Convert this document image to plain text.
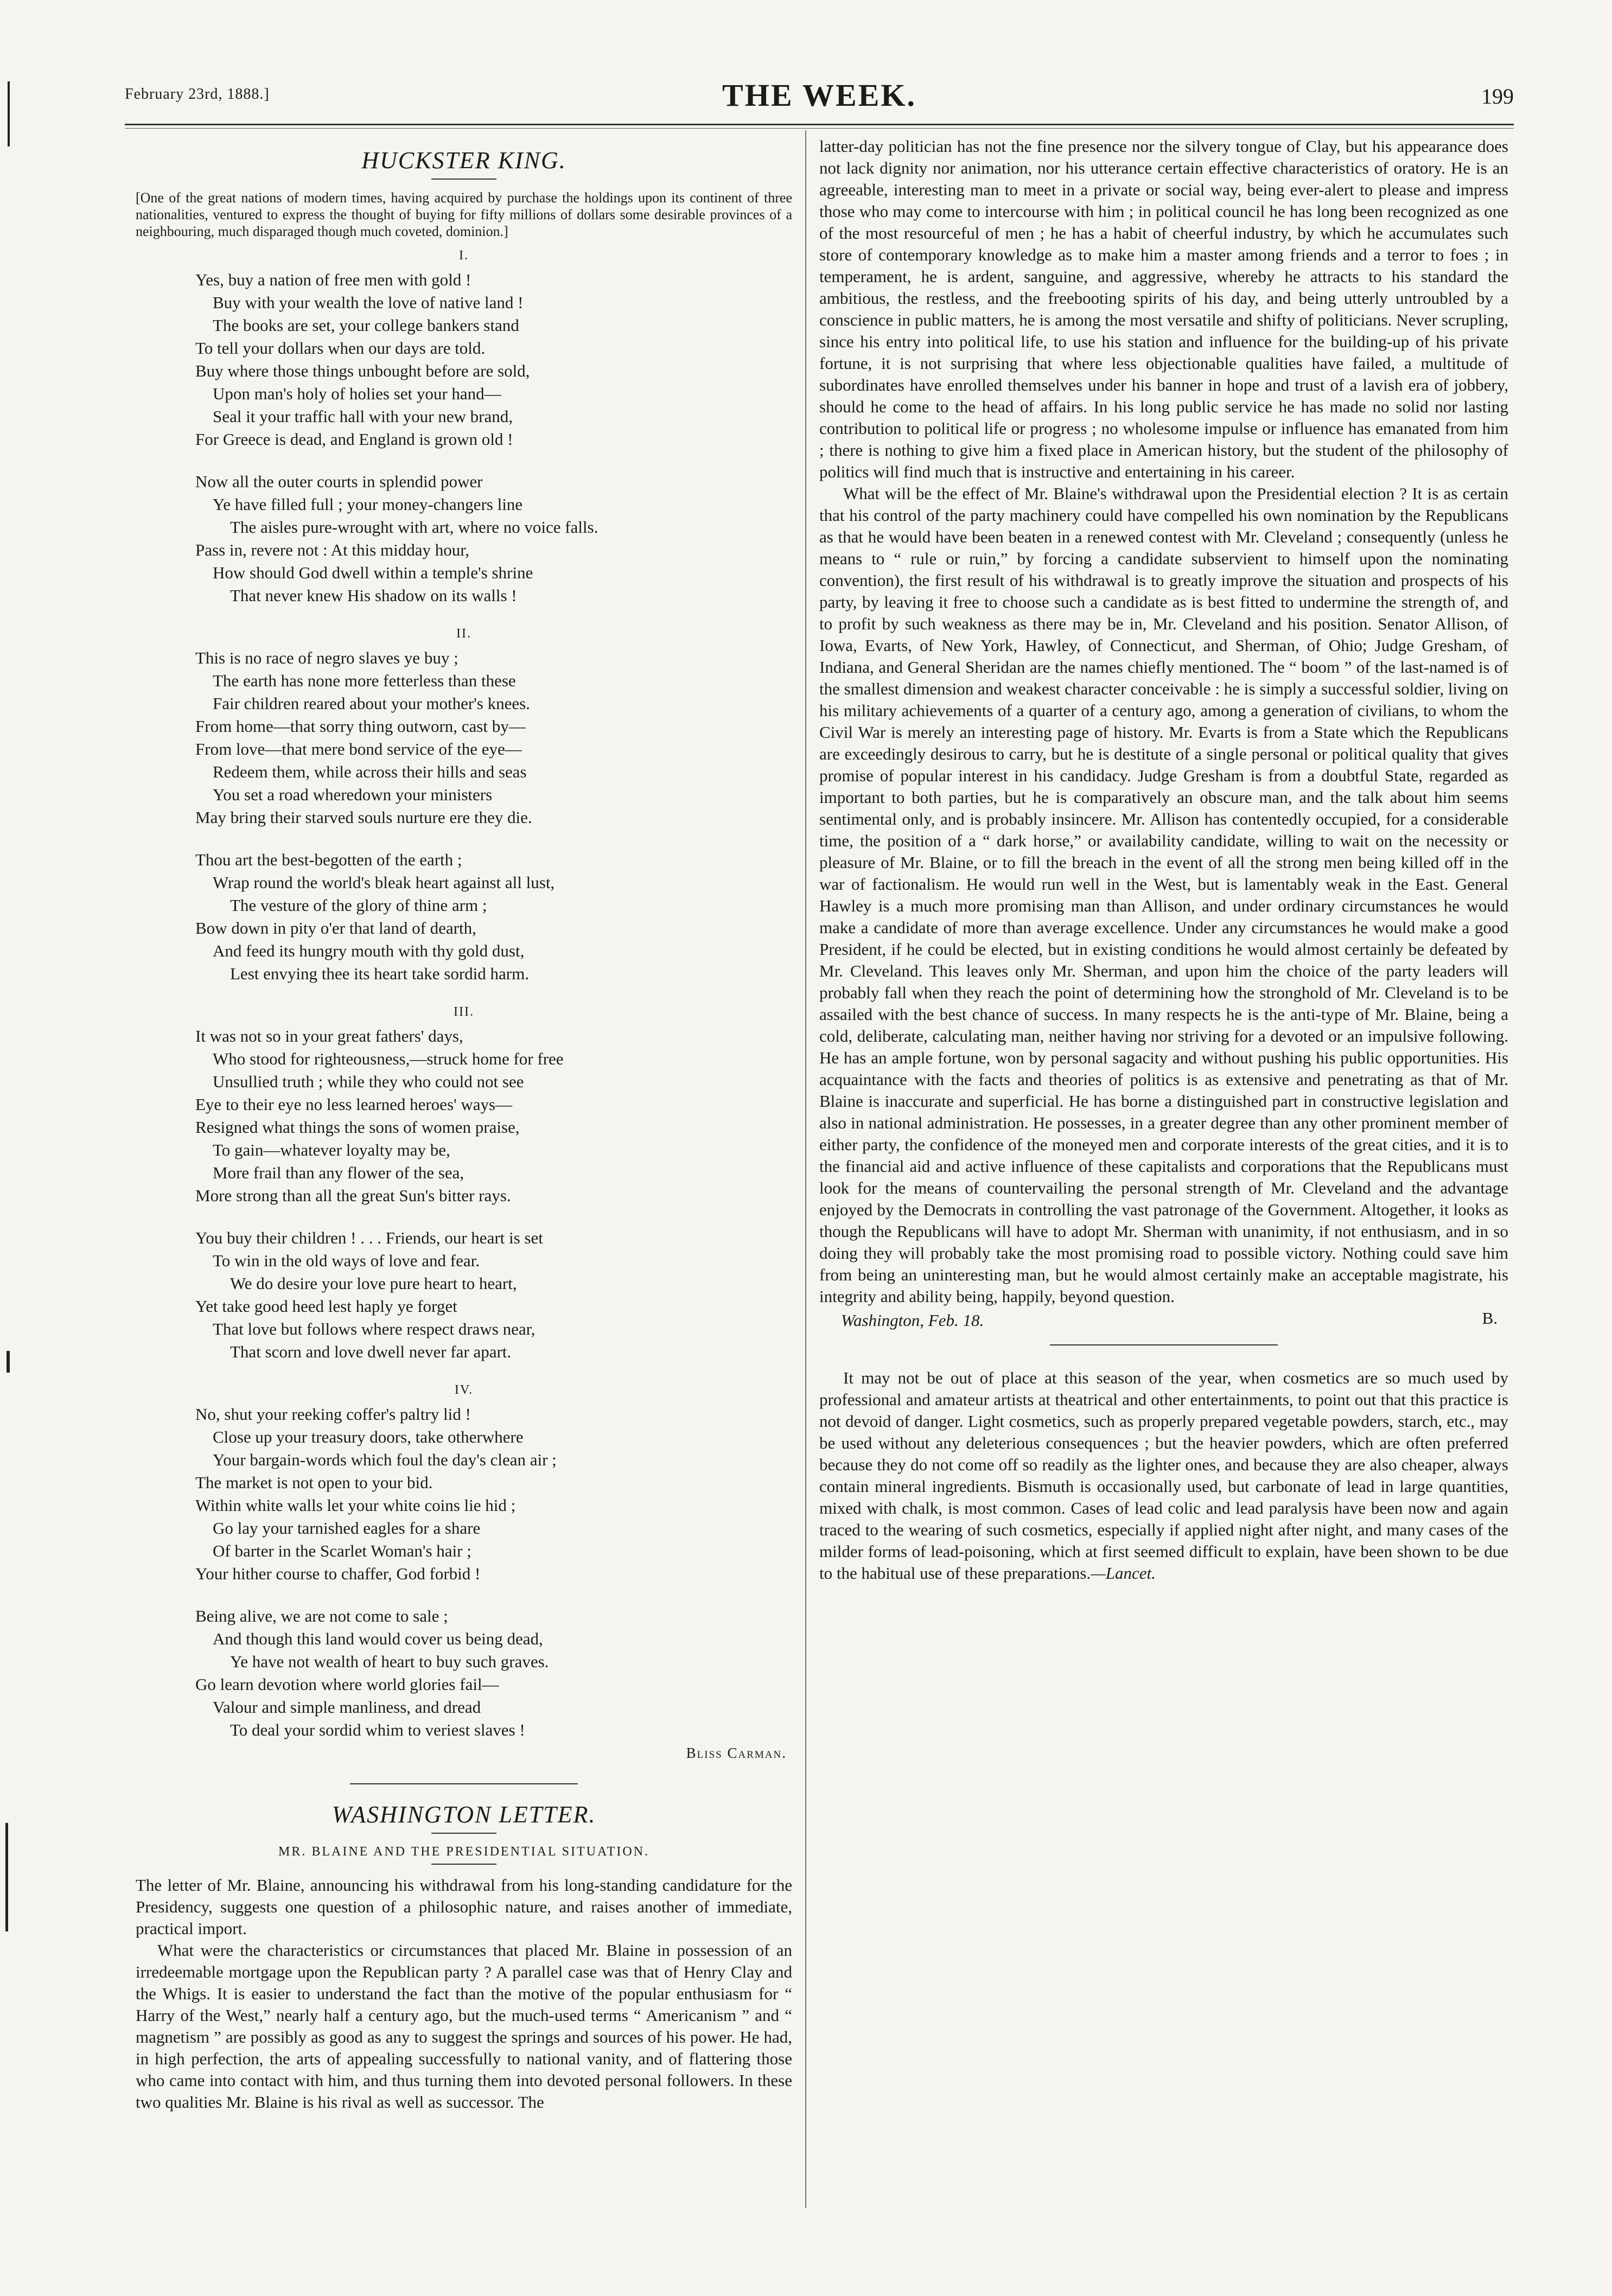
February 23rd, 1888.]	THE WEEK.	199
HUCKSTER KING.

[One of the great nations of modern times, having acquired by purchase the holdings upon its continent of three nationalities, ventured to express the thought of buying for fifty millions of dollars some desirable provinces of a neighbouring, much disparaged though much coveted, dominion.]

I.
Yes, buy a nation of free men with gold !
Buy with your wealth the love of native land !
The books are set, your college bankers stand
To tell your dollars when our days are told.
Buy where those things unbought before are sold,
Upon man's holy of holies set your hand—
Seal it your traffic hall with your new brand,
For Greece is dead, and England is grown old !
Now all the outer courts in splendid power
Ye have filled full ; your money-changers line
The aisles pure-wrought with art, where no voice falls.
Pass in, revere not : At this midday hour,
How should God dwell within a temple's shrine
That never knew His shadow on its walls !
II.
This is no race of negro slaves ye buy ;
The earth has none more fetterless than these
Fair children reared about your mother's knees.
From home—that sorry thing outworn, cast by—
From love—that mere bond service of the eye—
Redeem them, while across their hills and seas
You set a road wheredown your ministers
May bring their starved souls nurture ere they die.
Thou art the best-begotten of the earth ;
Wrap round the world's bleak heart against all lust,
The vesture of the glory of thine arm ;
Bow down in pity o'er that land of dearth,
And feed its hungry mouth with thy gold dust,
Lest envying thee its heart take sordid harm.
III.
It was not so in your great fathers' days,
Who stood for righteousness,—struck home for free
Unsullied truth ; while they who could not see
Eye to their eye no less learned heroes' ways—
Resigned what things the sons of women praise,
To gain—whatever loyalty may be,
More frail than any flower of the sea,
More strong than all the great Sun's bitter rays.
You buy their children ! . . . Friends, our heart is set
To win in the old ways of love and fear.
We do desire your love pure heart to heart,
Yet take good heed lest haply ye forget
That love but follows where respect draws near,
That scorn and love dwell never far apart.
IV.
No, shut your reeking coffer's paltry lid !
Close up your treasury doors, take otherwhere
Your bargain-words which foul the day's clean air ;
The market is not open to your bid.
Within white walls let your white coins lie hid ;
Go lay your tarnished eagles for a share
Of barter in the Scarlet Woman's hair ;
Your hither course to chaffer, God forbid !
Being alive, we are not come to sale ;
And though this land would cover us being dead,
Ye have not wealth of heart to buy such graves.
Go learn devotion where world glories fail—
Valour and simple manliness, and dread
To deal your sordid whim to veriest slaves !
Bliss Carman.
WASHINGTON LETTER.
MR. BLAINE AND THE PRESIDENTIAL SITUATION.

The letter of Mr. Blaine, announcing his withdrawal from his long-standing candidature for the Presidency, suggests one question of a philosophic nature, and raises another of immediate, practical import.

What were the characteristics or circumstances that placed Mr. Blaine in possession of an irredeemable mortgage upon the Republican party ? A parallel case was that of Henry Clay and the Whigs. It is easier to understand the fact than the motive of the popular enthusiasm for “ Harry of the West,” nearly half a century ago, but the much-used terms “ Americanism ” and “ magnetism ” are possibly as good as any to suggest the springs and sources of his power. He had, in high perfection, the arts of appealing successfully to national vanity, and of flattering those who came into contact with him, and thus turning them into devoted personal followers. In these two qualities Mr. Blaine is his rival as well as successor. The

latter-day politician has not the fine presence nor the silvery tongue of Clay, but his appearance does not lack dignity nor animation, nor his utterance certain effective characteristics of oratory. He is an agreeable, interesting man to meet in a private or social way, being ever-alert to please and impress those who may come to intercourse with him ; in political council he has long been recognized as one of the most resourceful of men ; he has a habit of cheerful industry, by which he accumulates such store of contemporary knowledge as to make him a master among friends and a terror to foes ; in temperament, he is ardent, sanguine, and aggressive, whereby he attracts to his standard the ambitious, the restless, and the freebooting spirits of his day, and being utterly untroubled by a conscience in public matters, he is among the most versatile and shifty of politicians. Never scrupling, since his entry into political life, to use his station and influence for the building-up of his private fortune, it is not surprising that where less objectionable qualities have failed, a multitude of subordinates have enrolled themselves under his banner in hope and trust of a lavish era of jobbery, should he come to the head of affairs. In his long public service he has made no solid nor lasting contribution to political life or progress ; no wholesome impulse or influence has emanated from him ; there is nothing to give him a fixed place in American history, but the student of the philosophy of politics will find much that is instructive and entertaining in his career.

What will be the effect of Mr. Blaine's withdrawal upon the Presidential election ? It is as certain that his control of the party machinery could have compelled his own nomination by the Republicans as that he would have been beaten in a renewed contest with Mr. Cleveland ; consequently (unless he means to “ rule or ruin,” by forcing a candidate subservient to himself upon the nominating convention), the first result of his withdrawal is to greatly improve the situation and prospects of his party, by leaving it free to choose such a candidate as is best fitted to undermine the strength of, and to profit by such weakness as there may be in, Mr. Cleveland and his position. Senator Allison, of Iowa, Evarts, of New York, Hawley, of Connecticut, and Sherman, of Ohio; Judge Gresham, of Indiana, and General Sheridan are the names chiefly mentioned. The “ boom ” of the last-named is of the smallest dimension and weakest character conceivable : he is simply a successful soldier, living on his military achievements of a quarter of a century ago, among a generation of civilians, to whom the Civil War is merely an interesting page of history. Mr. Evarts is from a State which the Republicans are exceedingly desirous to carry, but he is destitute of a single personal or political quality that gives promise of popular interest in his candidacy. Judge Gresham is from a doubtful State, regarded as important to both parties, but he is comparatively an obscure man, and the talk about him seems sentimental only, and is probably insincere. Mr. Allison has contentedly occupied, for a considerable time, the position of a “ dark horse,” or availability candidate, willing to wait on the necessity or pleasure of Mr. Blaine, or to fill the breach in the event of all the strong men being killed off in the war of factionalism. He would run well in the West, but is lamentably weak in the East. General Hawley is a much more promising man than Allison, and under ordinary circumstances he would make a candidate of more than average excellence. Under any circumstances he would make a good President, if he could be elected, but in existing conditions he would almost certainly be defeated by Mr. Cleveland. This leaves only Mr. Sherman, and upon him the choice of the party leaders will probably fall when they reach the point of determining how the stronghold of Mr. Cleveland is to be assailed with the best chance of success. In many respects he is the anti-type of Mr. Blaine, being a cold, deliberate, calculating man, neither having nor striving for a devoted or an impulsive following. He has an ample fortune, won by personal sagacity and without pushing his public opportunities. His acquaintance with the facts and theories of politics is as extensive and penetrating as that of Mr. Blaine is inaccurate and superficial. He has borne a distinguished part in constructive legislation and also in national administration. He possesses, in a greater degree than any other prominent member of either party, the confidence of the moneyed men and corporate interests of the great cities, and it is to the financial aid and active influence of these capitalists and corporations that the Republicans must look for the means of countervailing the personal strength of Mr. Cleveland and the advantage enjoyed by the Democrats in controlling the vast patronage of the Government. Altogether, it looks as though the Republicans will have to adopt Mr. Sherman with unanimity, if not enthusiasm, and in so doing they will probably take the most promising road to possible victory. Nothing could save him from being an uninteresting man, but he would almost certainly make an acceptable magistrate, his integrity and ability being, happily, beyond question.

Washington, Feb. 18.	B.

It may not be out of place at this season of the year, when cosmetics are so much used by professional and amateur artists at theatrical and other entertainments, to point out that this practice is not devoid of danger. Light cosmetics, such as properly prepared vegetable powders, starch, etc., may be used without any deleterious consequences ; but the heavier powders, which are often preferred because they do not come off so readily as the lighter ones, and because they are also cheaper, always contain mineral ingredients. Bismuth is occasionally used, but carbonate of lead in large quantities, mixed with chalk, is most common. Cases of lead colic and lead paralysis have been now and again traced to the wearing of such cosmetics, especially if applied night after night, and many cases of the milder forms of lead-poisoning, which at first seemed difficult to explain, have been shown to be due to the habitual use of these preparations.—Lancet.
